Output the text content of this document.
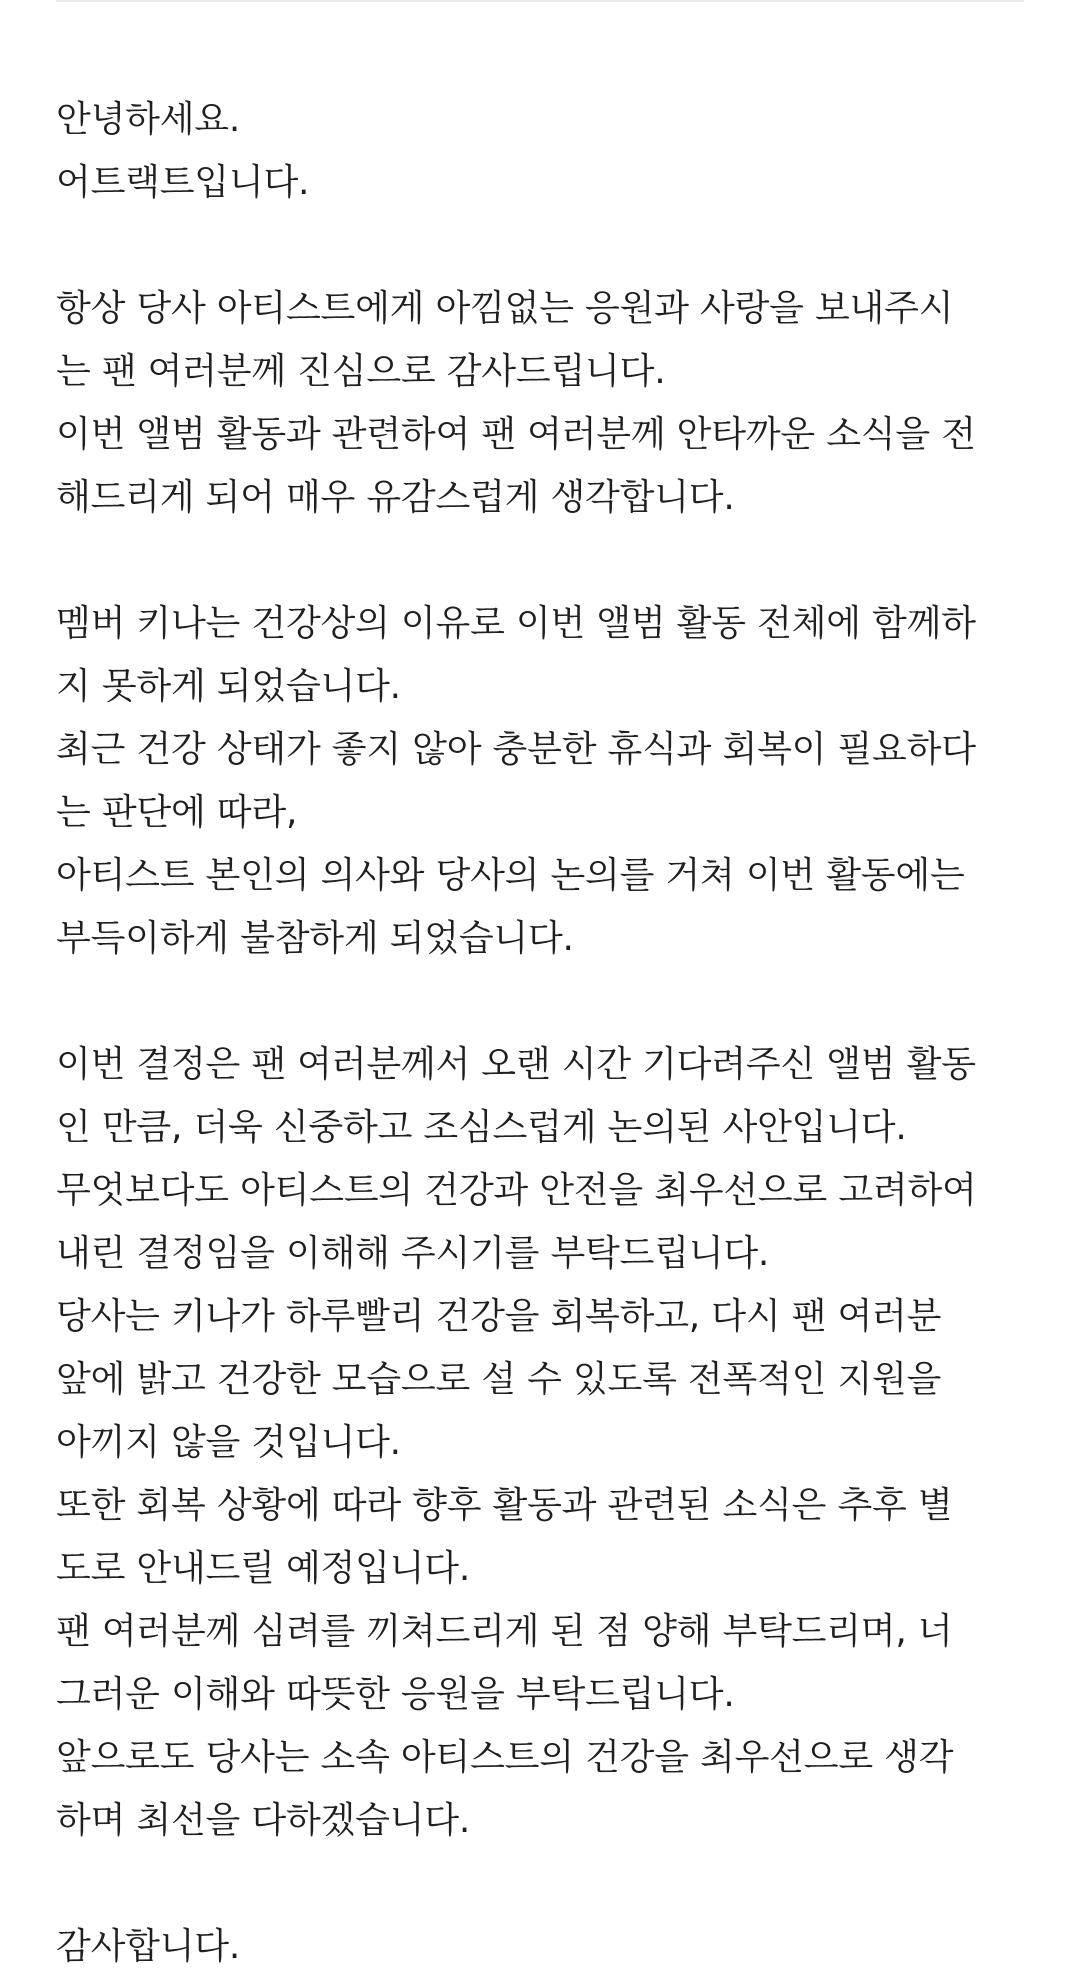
안녕하세요.
어트랙트입니다.
항상 당사 아티스트에게 아낌없는 응원과 사랑을 보내주시
는 팬 여러분께 진심으로 감사드립니다.
이번 앨범 활동과 관련하여 팬 여러분께 안타까운 소식을 전
해드리게 되어 매우 유감스럽게 생각합니다.
멤버 키나는 건강상의 이유로 이번 앨범 활동 전체에 함께하
지 못하게 되었습니다.
최근 건강 상태가 좋지 않아 충분한 휴식과 회복이 필요하다
는 판단에 따라,
아티스트 본인의 의사와 당사의 논의를 거쳐 이번 활동에는
부득이하게 불참하게 되었습니다.
이번 결정은 팬 여러분께서 오랜 시간 기다려주신 앨범 활동
인 만큼, 더욱 신중하고 조심스럽게 논의된 사안입니다.
무엇보다도 아티스트의 건강과 안전을 최우선으로 고려하여
내린 결정임을 이해해 주시기를 부탁드립니다.
당사는 키나가 하루빨리 건강을 회복하고, 다시 팬 여러분
앞에 밝고 건강한 모습으로 설 수 있도록 전폭적인 지원을
아끼지 않을 것입니다.
또한 회복 상황에 따라 향후 활동과 관련된 소식은 추후 별
도로 안내드릴 예정입니다.
팬 여러분께 심려를 끼쳐드리게 된 점 양해 부탁드리며, 너
그러운 이해와 따뜻한 응원을 부탁드립니다.
앞으로도 당사는 소속 아티스트의 건강을 최우선으로 생각
하며 최선을 다하겠습니다.
감사합니다.
